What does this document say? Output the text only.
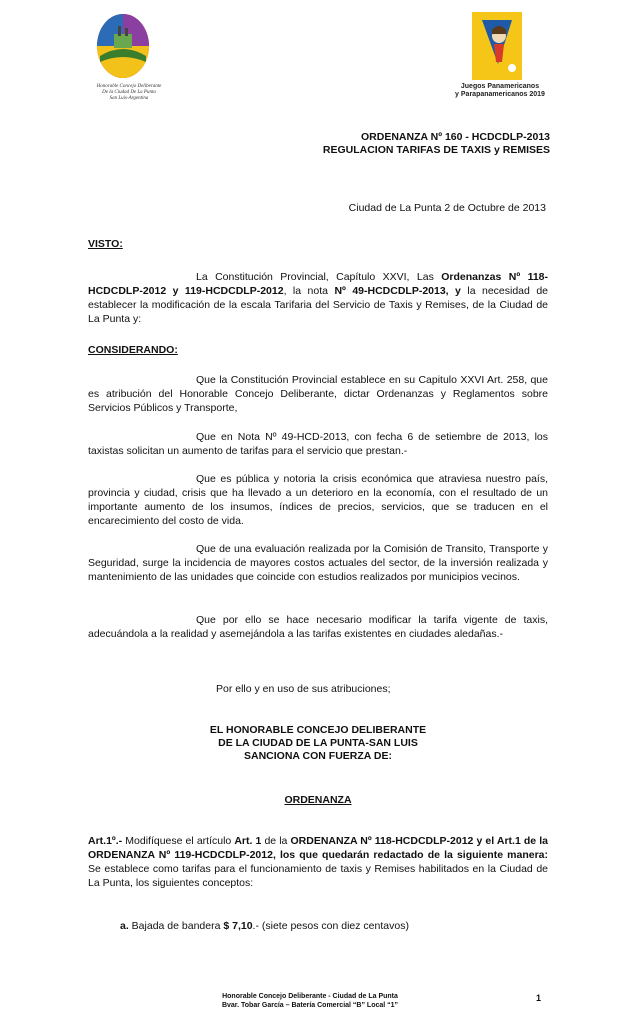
Honorable Concejo Deliberante
De la Ciudad De La Punta
San Luis-Argentina
Juegos Panamericanos
y Parapanamericanos 2019
ORDENANZA Nº 160 - HCDCDLP-2013
REGULACION TARIFAS DE TAXIS y REMISES
Ciudad de La Punta 2 de Octubre de 2013
VISTO:
La Constitución Provincial, Capítulo XXVI, Las Ordenanzas Nº 118-HCDCDLP-2012 y 119-HCDCDLP-2012, la nota Nº 49-HCDCDLP-2013, y la necesidad de establecer la modificación de la escala Tarifaria del Servicio de Taxis y Remises, de la Ciudad de La Punta y:
CONSIDERANDO:
Que la Constitución Provincial establece en su Capitulo XXVI Art. 258, que es atribución del Honorable Concejo Deliberante, dictar Ordenanzas y Reglamentos sobre Servicios Públicos y Transporte,
Que en Nota Nº 49-HCD-2013, con fecha 6 de setiembre de 2013, los taxistas solicitan un aumento de tarifas para el servicio que prestan.-
Que es pública y notoria la crisis económica que atraviesa nuestro país, provincia y ciudad, crisis que ha llevado a un deterioro en la economía, con el resultado de un importante aumento de los insumos, índices de precios, servicios, que se traducen en el encarecimiento del costo de vida.
Que de una evaluación realizada por la Comisión de Transito, Transporte y Seguridad, surge la incidencia de mayores costos actuales del sector, de la inversión realizada y mantenimiento de las unidades que coincide con estudios realizados por municipios vecinos.
Que por ello se hace necesario modificar la tarifa vigente de taxis, adecuándola a la realidad y asemejándola a las tarifas existentes en ciudades aledañas.-
Por ello y en uso de sus atribuciones;
EL HONORABLE CONCEJO DELIBERANTE
DE LA CIUDAD DE LA PUNTA-SAN LUIS
SANCIONA CON FUERZA DE:
ORDENANZA
Art.1º.- Modifíquese el artículo Art. 1 de la ORDENANZA Nº 118-HCDCDLP-2012 y el Art.1 de la ORDENANZA Nº 119-HCDCDLP-2012, los que quedarán redactado de la siguiente manera: Se establece como tarifas para el funcionamiento de taxis y Remises habilitados en la Ciudad de La Punta, los siguientes conceptos:
a. Bajada de bandera $ 7,10.- (siete pesos con diez centavos)
Honorable Concejo Deliberante - Ciudad de La Punta
Bvar. Tobar García – Batería Comercial “B” Local “1”
1
